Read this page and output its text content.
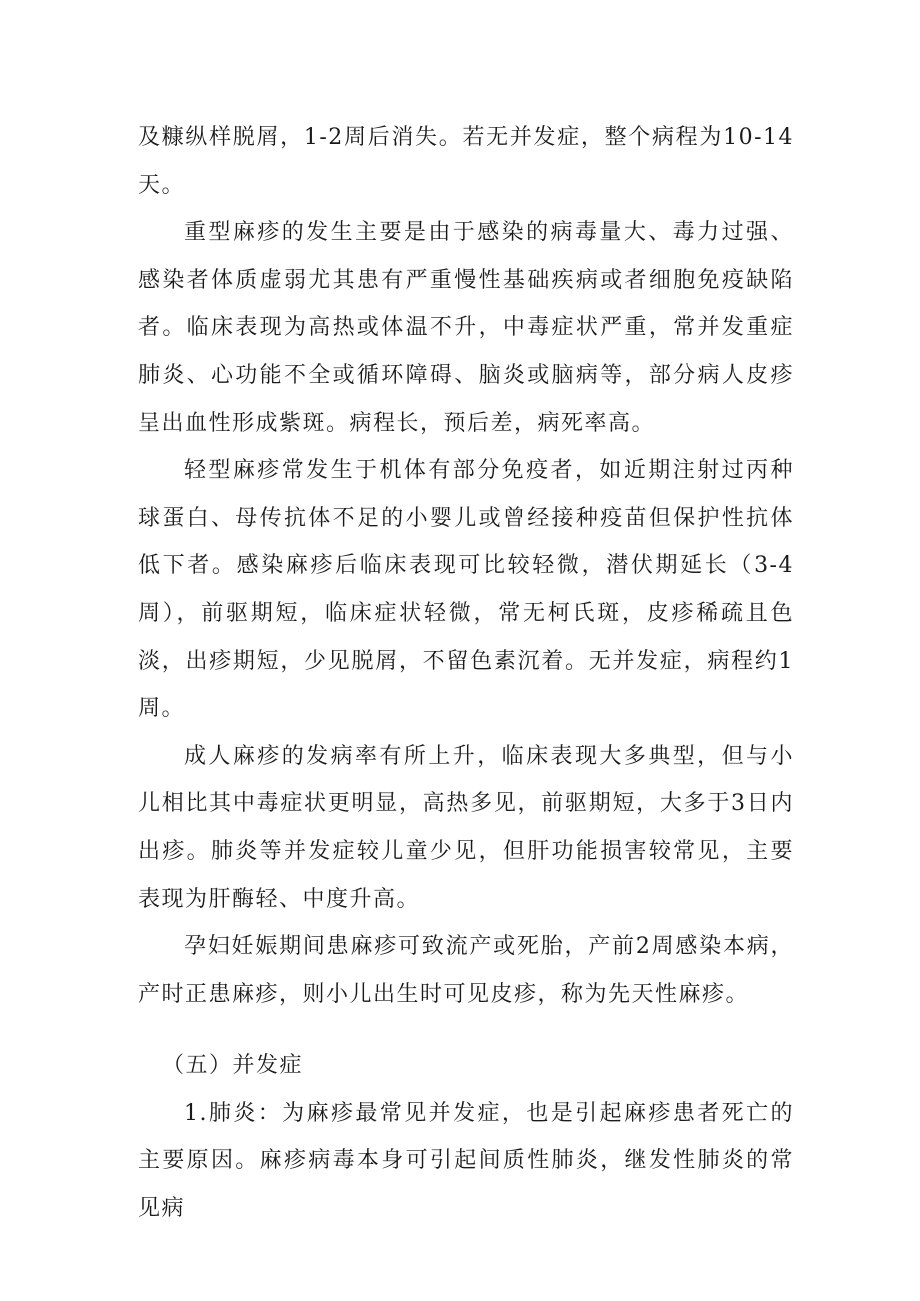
及糠纵样脱屑，1-2周后消失。若无并发症，整个病程为10-14天。

重型麻疹的发生主要是由于感染的病毒量大、毒力过强、感染者体质虚弱尤其患有严重慢性基础疾病或者细胞免疫缺陷者。临床表现为高热或体温不升，中毒症状严重，常并发重症肺炎、心功能不全或循环障碍、脑炎或脑病等，部分病人皮疹呈出血性形成紫斑。病程长，预后差，病死率高。

轻型麻疹常发生于机体有部分免疫者，如近期注射过丙种球蛋白、母传抗体不足的小婴儿或曾经接种疫苗但保护性抗体低下者。感染麻疹后临床表现可比较轻微，潜伏期延长（3-4周），前驱期短，临床症状轻微，常无柯氏斑，皮疹稀疏且色淡，出疹期短，少见脱屑，不留色素沉着。无并发症，病程约1周。

成人麻疹的发病率有所上升，临床表现大多典型，但与小儿相比其中毒症状更明显，高热多见，前驱期短，大多于3日内出疹。肺炎等并发症较儿童少见，但肝功能损害较常见，主要表现为肝酶轻、中度升高。

孕妇妊娠期间患麻疹可致流产或死胎，产前2周感染本病，产时正患麻疹，则小儿出生时可见皮疹，称为先天性麻疹。

（五）并发症

1.肺炎：为麻疹最常见并发症，也是引起麻疹患者死亡的主要原因。麻疹病毒本身可引起间质性肺炎，继发性肺炎的常见病
